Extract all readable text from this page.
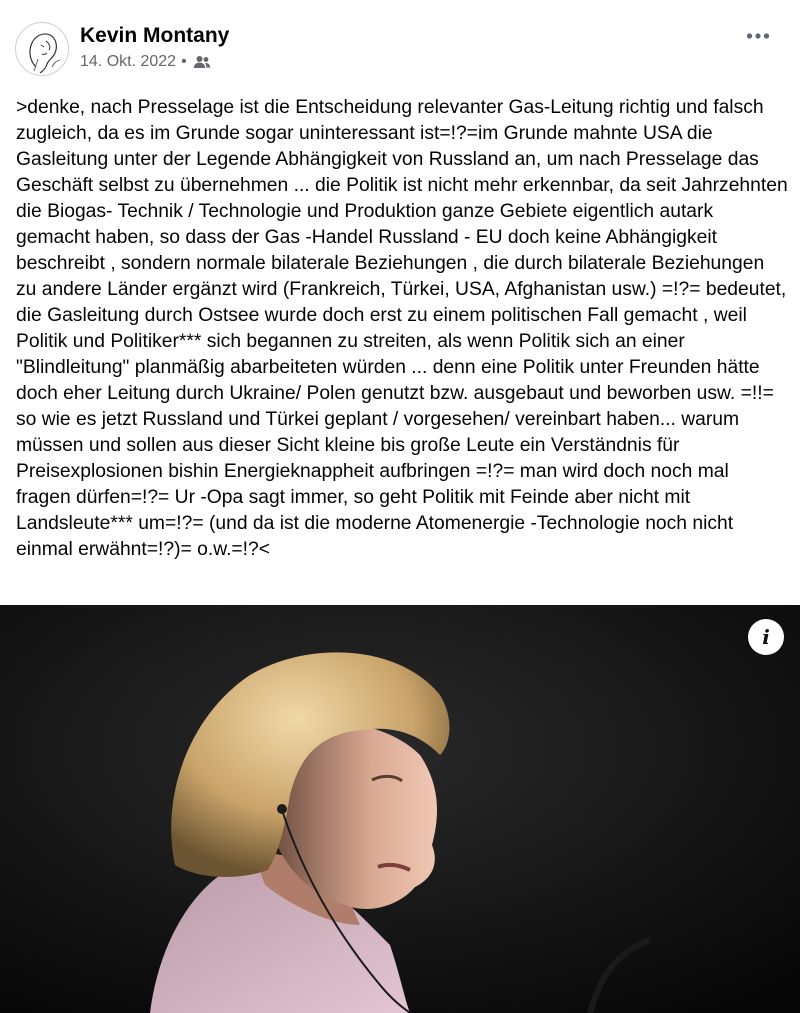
Kevin Montany
14. Okt. 2022 •
>denke, nach Presselage ist die Entscheidung relevanter Gas-Leitung richtig und falsch zugleich, da es im Grunde sogar uninteressant ist=!?=im Grunde mahnte USA die Gasleitung unter der Legende Abhängigkeit von Russland an, um nach Presselage das Geschäft selbst zu übernehmen ... die Politik ist nicht mehr erkennbar, da seit Jahrzehnten die Biogas- Technik / Technologie und Produktion ganze Gebiete eigentlich autark gemacht haben, so dass der Gas -Handel Russland - EU doch keine Abhängigkeit beschreibt , sondern normale bilaterale Beziehungen , die durch bilaterale Beziehungen zu andere Länder ergänzt wird (Frankreich, Türkei, USA, Afghanistan usw.) =!?= bedeutet, die Gasleitung durch Ostsee wurde doch erst zu einem politischen Fall gemacht , weil Politik und Politiker*** sich begannen zu streiten, als wenn Politik sich an einer "Blindleitung" planmäßig abarbeiteten würden ... denn eine Politik unter Freunden hätte doch eher Leitung durch Ukraine/ Polen genutzt bzw. ausgebaut und beworben usw. =!!= so wie es jetzt Russland und Türkei geplant / vorgesehen/ vereinbart haben... warum müssen und sollen aus dieser Sicht kleine bis große Leute ein Verständnis für Preisexplosionen bishin Energieknappheit aufbringen =!?= man wird doch noch mal fragen dürfen=!?= Ur -Opa sagt immer, so geht Politik mit Feinde aber nicht mit Landsleute*** um=!?= (und da ist die moderne Atomenergie -Technologie noch nicht einmal erwähnt=!?)= o.w.=!?<
i
